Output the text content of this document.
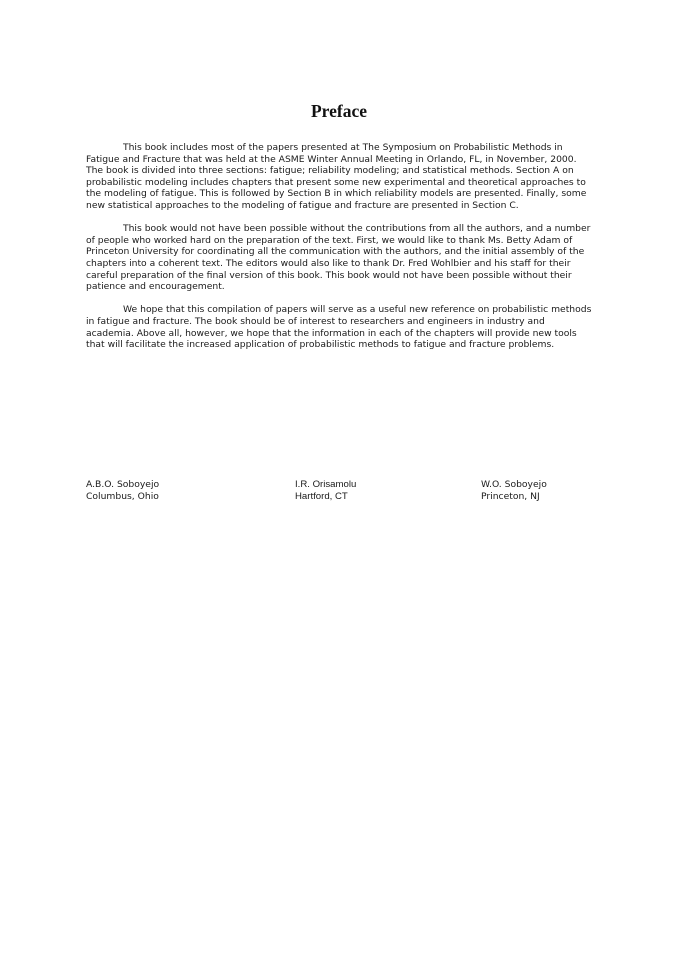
Preface

This book includes most of the papers presented at The Symposium on Probabilistic Methods in Fatigue and Fracture that was held at the ASME Winter Annual Meeting in Orlando, FL, in November, 2000. The book is divided into three sections: fatigue; reliability modeling; and statistical methods. Section A on probabilistic modeling includes chapters that present some new experimental and theoretical approaches to the modeling of fatigue. This is followed by Section B in which reliability models are presented. Finally, some new statistical approaches to the modeling of fatigue and fracture are presented in Section C.

This book would not have been possible without the contributions from all the authors, and a number of people who worked hard on the preparation of the text. First, we would like to thank Ms. Betty Adam of Princeton University for coordinating all the communication with the authors, and the initial assembly of the chapters into a coherent text. The editors would also like to thank Dr. Fred Wohlbier and his staff for their careful preparation of the final version of this book. This book would not have been possible without their patience and encouragement.

We hope that this compilation of papers will serve as a useful new reference on probabilistic methods in fatigue and fracture. The book should be of interest to researchers and engineers in industry and academia. Above all, however, we hope that the information in each of the chapters will provide new tools that will facilitate the increased application of probabilistic methods to fatigue and fracture problems.

A.B.O. Soboyejo
Columbus, Ohio
I.R. Orisamolu
Hartford, CT
W.O. Soboyejo
Princeton, NJ
